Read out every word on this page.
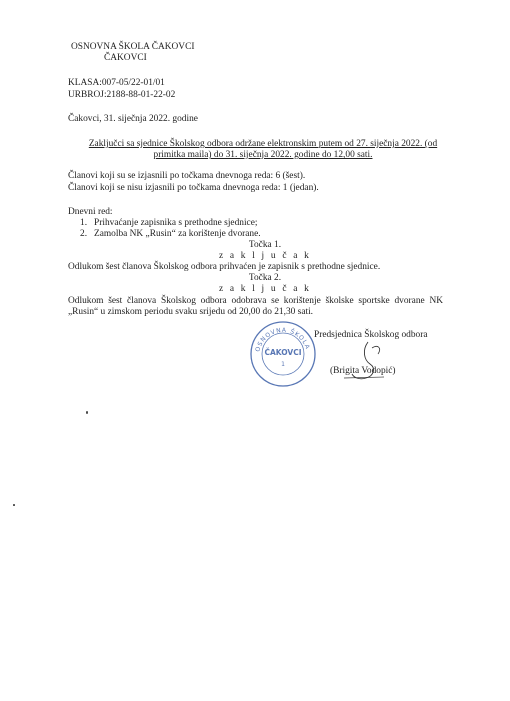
OSNOVNA ŠKOLA ČAKOVCI
ČAKOVCI
KLASA:007-05/22-01/01
URBROJ:2188-88-01-22-02
Čakovci, 31. siječnja 2022. godine
Zaključci sa sjednice Školskog odbora održane elektronskim putem od 27. siječnja 2022. (od primitka maila) do 31. siječnja 2022. godine do 12,00 sati.
Članovi koji su se izjasnili po točkama dnevnoga reda: 6 (šest).
Članovi koji se nisu izjasnili po točkama dnevnoga reda: 1 (jedan).
Dnevni red:
1. Prihvaćanje zapisnika s prethodne sjednice;
2. Zamolba NK „Rusin“ za korištenje dvorane.
Točka 1.
z a k l j u č a k
Odlukom šest članova Školskog odbora prihvaćen je zapisnik s prethodne sjednice.
Točka 2.
z a k l j u č a k
Odlukom šest članova Školskog odbora odobrava se korištenje školske sportske dvorane NK „Rusin“ u zimskom periodu svaku srijedu od 20,00 do 21,30 sati.
OSNOVNA ŠKOLA
ČAKOVCI
1
Predsjednica Školskog odbora
(Brigita Vodopić)
